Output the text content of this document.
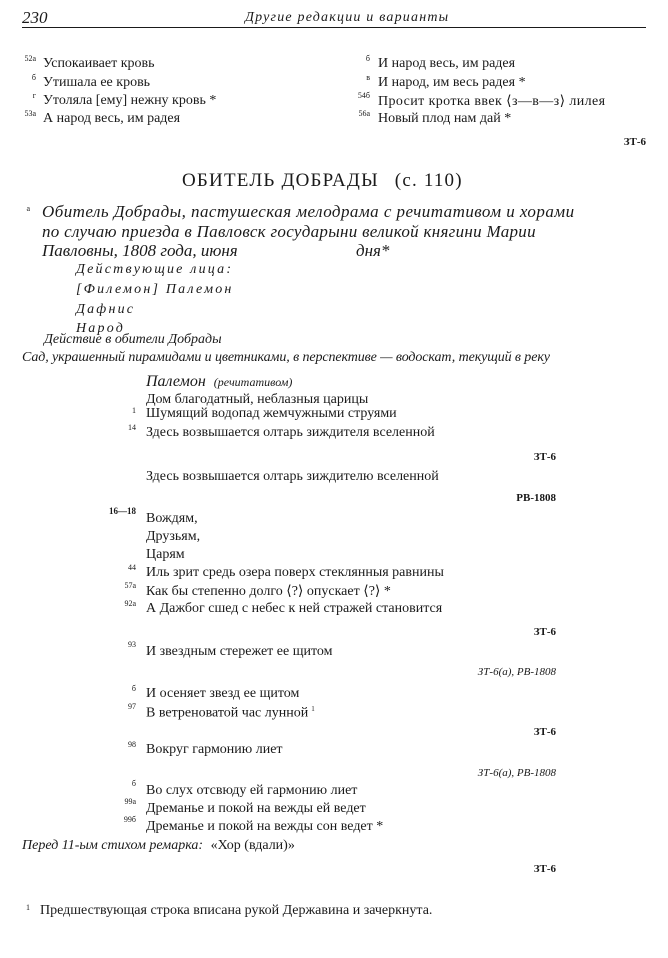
230	Другие редакции и варианты
52а Успокаивает кровь
б Утишала ее кровь
г Утоляла [ему] нежну кровь *
53а А народ весь, им радея
б И народ весь, им радея
в И народ, им весь радея *
54б Просит кротка ввек ⟨з—в—з⟩ лилея
56а Новый плод нам дай *
ЗТ-6
ОБИТЕЛЬ ДОБРАДЫ (с. 110)
а Обитель Добрады, пастушеская мелодрама с речитативом и хорами
по случаю приезда в Павловск государыни великой княгини Марии
Павловны, 1808 года, июня	дня*
Действующие лица:
[Филемон] Палемон
Дафнис
Народ
Действие в обители Добрады
Сад, украшенный пирамидами и цветниками, в перспективе — водоскат, текущий в реку
Палемон (речитативом)
Дом благодатный, неблазныя царицы
1 Шумящий водопад жемчужными струями
14 Здесь возвышается олтарь зиждителя вселенной
ЗТ-6
Здесь возвышается олтарь зиждителю вселенной
РВ-1808
16—18 Вождям,
Друзьям,
Царям
44 Иль зрит средь озера поверх стеклянныя равнины
57а Как бы степенно долго ⟨?⟩ опускает ⟨?⟩ *
92а А Дажбог сшед с небес к ней стражей становится
ЗТ-6
93 И звездным стережет ее щитом
ЗТ-6(а), РВ-1808
б И осеняет звезд ее щитом
97 В ветреноватой час лунной $^1$
ЗТ-6
98 Вокруг гармонию лиет
ЗТ-6(а), РВ-1808
б Во слух отсвюду ей гармонию лиет
99а Дреманье и покой на вежды ей ведет
99б Дреманье и покой на вежды сон ведет *
Перед 11-ым стихом ремарка: «Хор (вдали)»
ЗТ-6
1 Предшествующая строка вписана рукой Державина и зачеркнута.
